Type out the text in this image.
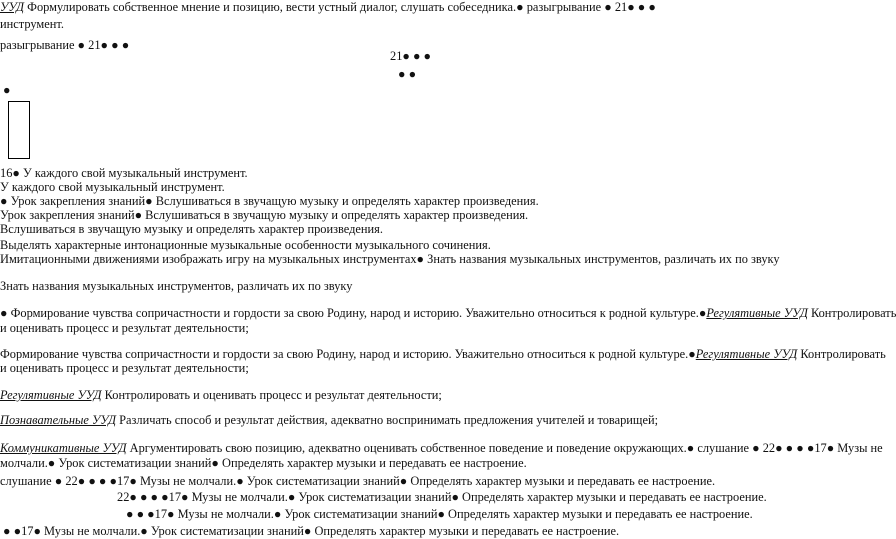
УУД Формулировать собственное мнение и позицию, вести устный диалог, слушать собеседника.● разыгрывание ● 21● ● ●
инструмент.
разыгрывание ● 21● ● ●
21● ● ●
● ●
●
16● У каждого свой музыкальный инструмент.
У каждого свой музыкальный инструмент.
● Урок закрепления знаний● Вслушиваться в звучащую музыку и определять характер произведения.
Урок закрепления знаний● Вслушиваться в звучащую музыку и определять характер произведения.
Вслушиваться в звучащую музыку и определять характер произведения.
Выделять характерные интонационные музыкальные особенности музыкального сочинения.
Имитационными движениями изображать игру на музыкальных инструментах● Знать названия музыкальных инструментов, различать их по звуку
Знать названия музыкальных инструментов, различать их по звуку
● Формирование чувства сопричастности и гордости за свою Родину, народ и историю. Уважительно относиться к родной культуре.●Регулятивные УУД Контролировать
и оценивать процесс и результат деятельности;
Формирование чувства сопричастности и гордости за свою Родину, народ и историю. Уважительно относиться к родной культуре.●Регулятивные УУД Контролировать
и оценивать процесс и результат деятельности;
Регулятивные УУД Контролировать и оценивать процесс и результат деятельности;
Познавательные УУД Различать способ и результат действия, адекватно воспринимать предложения учителей и товарищей;
Коммуникативные УУД Аргументировать свою позицию, адекватно оценивать собственное поведение и поведение окружающих.● слушание ● 22● ● ● ●17● Музы не
молчали.● Урок систематизации знаний● Определять характер музыки и передавать ее настроение.
слушание ● 22● ● ● ●17● Музы не молчали.● Урок систематизации знаний● Определять характер музыки и передавать ее настроение.
22● ● ● ●17● Музы не молчали.● Урок систематизации знаний● Определять характер музыки и передавать ее настроение.
● ● ●17● Музы не молчали.● Урок систематизации знаний● Определять характер музыки и передавать ее настроение.
● ●17● Музы не молчали.● Урок систематизации знаний● Определять характер музыки и передавать ее настроение.
